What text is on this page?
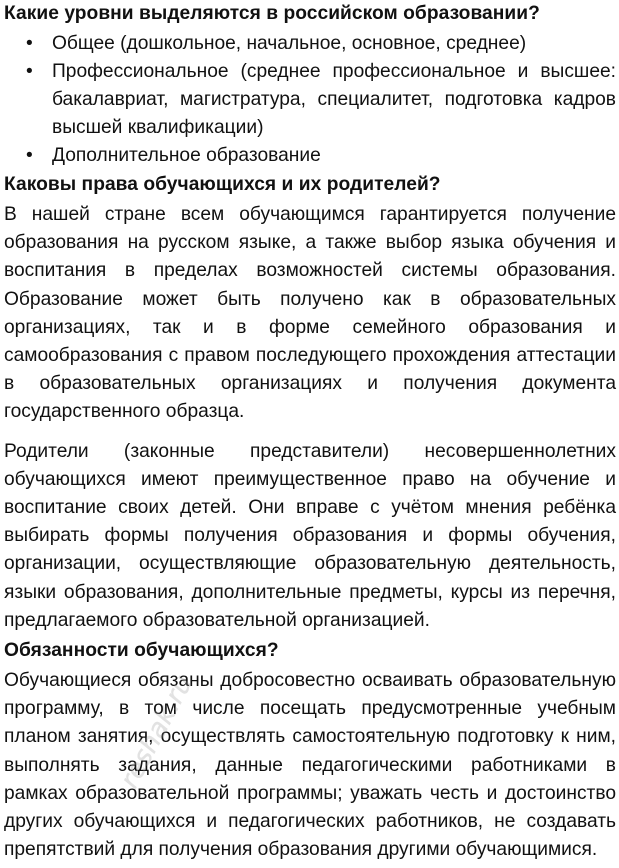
Какие уровни выделяются в российском образовании?
• Общее (дошкольное, начальное, основное, среднее)
• Профессиональное (среднее профессиональное и высшее: бакалавриат, магистратура, специалитет, подготовка кадров высшей квалификации)
• Дополнительное образование
Каковы права обучающихся и их родителей?

В нашей стране всем обучающимся гарантируется получение образования на русском языке, а также выбор языка обучения и воспитания в пределах возможностей системы образования. Образование может быть получено как в образовательных организациях, так и в форме семейного образования и самообразования с правом последующего прохождения аттестации в образовательных организациях и получения документа государственного образца.

Родители (законные представители) несовершеннолетних обучающихся имеют преимущественное право на обучение и воспитание своих детей. Они вправе с учётом мнения ребёнка выбирать формы получения образования и формы обучения, организации, осуществляющие образовательную деятельность, языки образования, дополнительные предметы, курсы из перечня, предлагаемого образовательной организацией.

Обязанности обучающихся?

Обучающиеся обязаны добросовестно осваивать образовательную программу, в том числе посещать предусмотренные учебным планом занятия, осуществлять самостоятельную подготовку к ним, выполнять задания, данные педагогическими работниками в рамках образовательной программы; уважать честь и достоинство других обучающихся и педагогических работников, не создавать препятствий для получения образования другими обучающимися.

reshak.ru
